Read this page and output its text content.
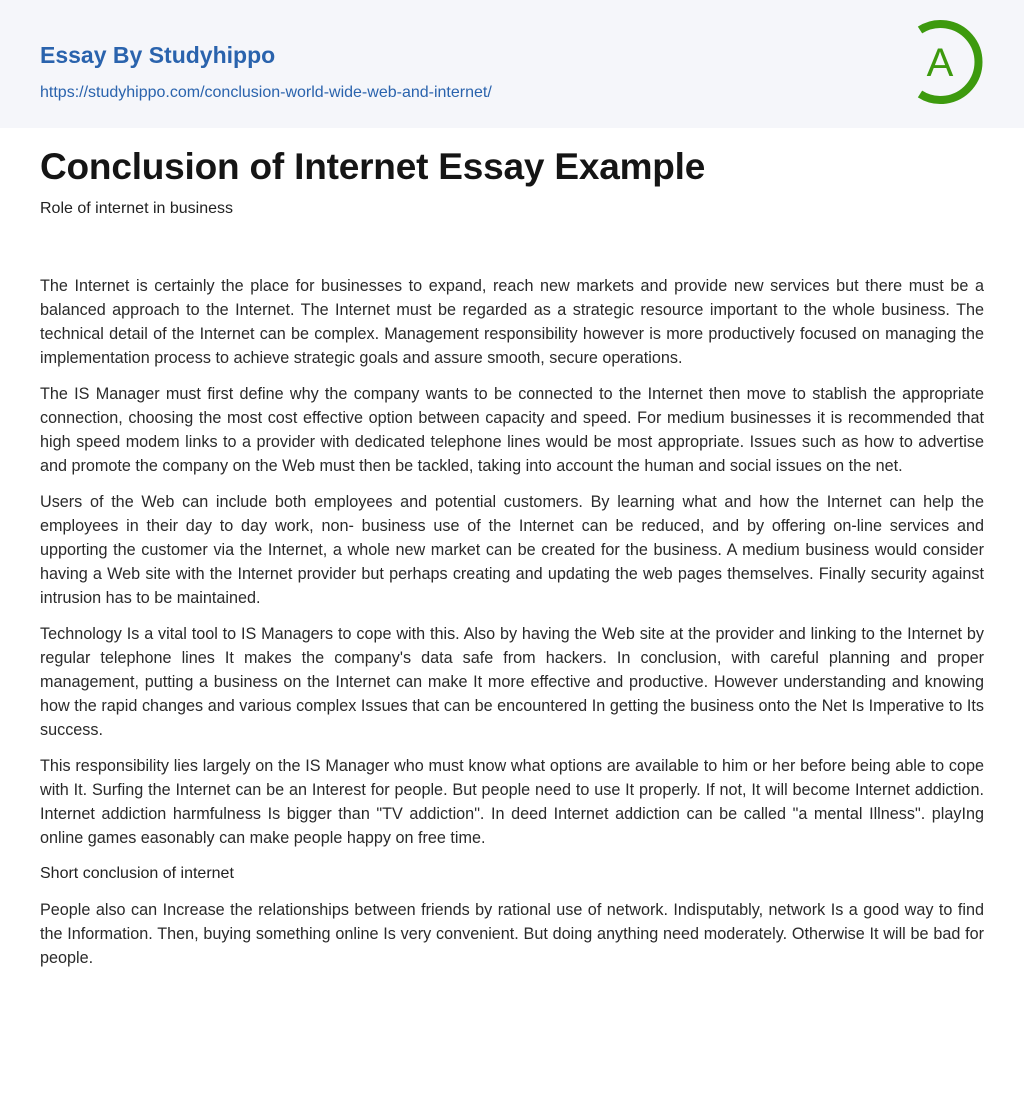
Essay By Studyhippo
https://studyhippo.com/conclusion-world-wide-web-and-internet/
A
Conclusion of Internet Essay Example
Role of internet in business

The Internet is certainly the place for businesses to expand, reach new markets and provide new services but there must be a balanced approach to the Internet. The Internet must be regarded as a strategic resource important to the whole business. The technical detail of the Internet can be complex. Management responsibility however is more productively focused on managing the implementation process to achieve strategic goals and assure smooth, secure operations.

The IS Manager must first define why the company wants to be connected to the Internet then move to stablish the appropriate connection, choosing the most cost effective option between capacity and speed. For medium businesses it is recommended that high speed modem links to a provider with dedicated telephone lines would be most appropriate. Issues such as how to advertise and promote the company on the Web must then be tackled, taking into account the human and social issues on the net.

Users of the Web can include both employees and potential customers. By learning what and how the Internet can help the employees in their day to day work, non- business use of the Internet can be reduced, and by offering on-line services and upporting the customer via the Internet, a whole new market can be created for the business. A medium business would consider having a Web site with the Internet provider but perhaps creating and updating the web pages themselves. Finally security against intrusion has to be maintained.

Technology Is a vital tool to IS Managers to cope with this. Also by having the Web site at the provider and linking to the Internet by regular telephone lines It makes the company's data safe from hackers. In conclusion, with careful planning and proper management, putting a business on the Internet can make It more effective and productive. However understanding and knowing how the rapid changes and various complex Issues that can be encountered In getting the business onto the Net Is Imperative to Its success.

This responsibility lies largely on the IS Manager who must know what options are available to him or her before being able to cope with It. Surfing the Internet can be an Interest for people. But people need to use It properly. If not, It will become Internet addiction. Internet addiction harmfulness Is bigger than "TV addiction". In deed Internet addiction can be called "a mental Illness". playIng online games easonably can make people happy on free time.

Short conclusion of internet

People also can Increase the relationships between friends by rational use of network. Indisputably, network Is a good way to find the Information. Then, buying something online Is very convenient. But doing anything need moderately. Otherwise It will be bad for people.
